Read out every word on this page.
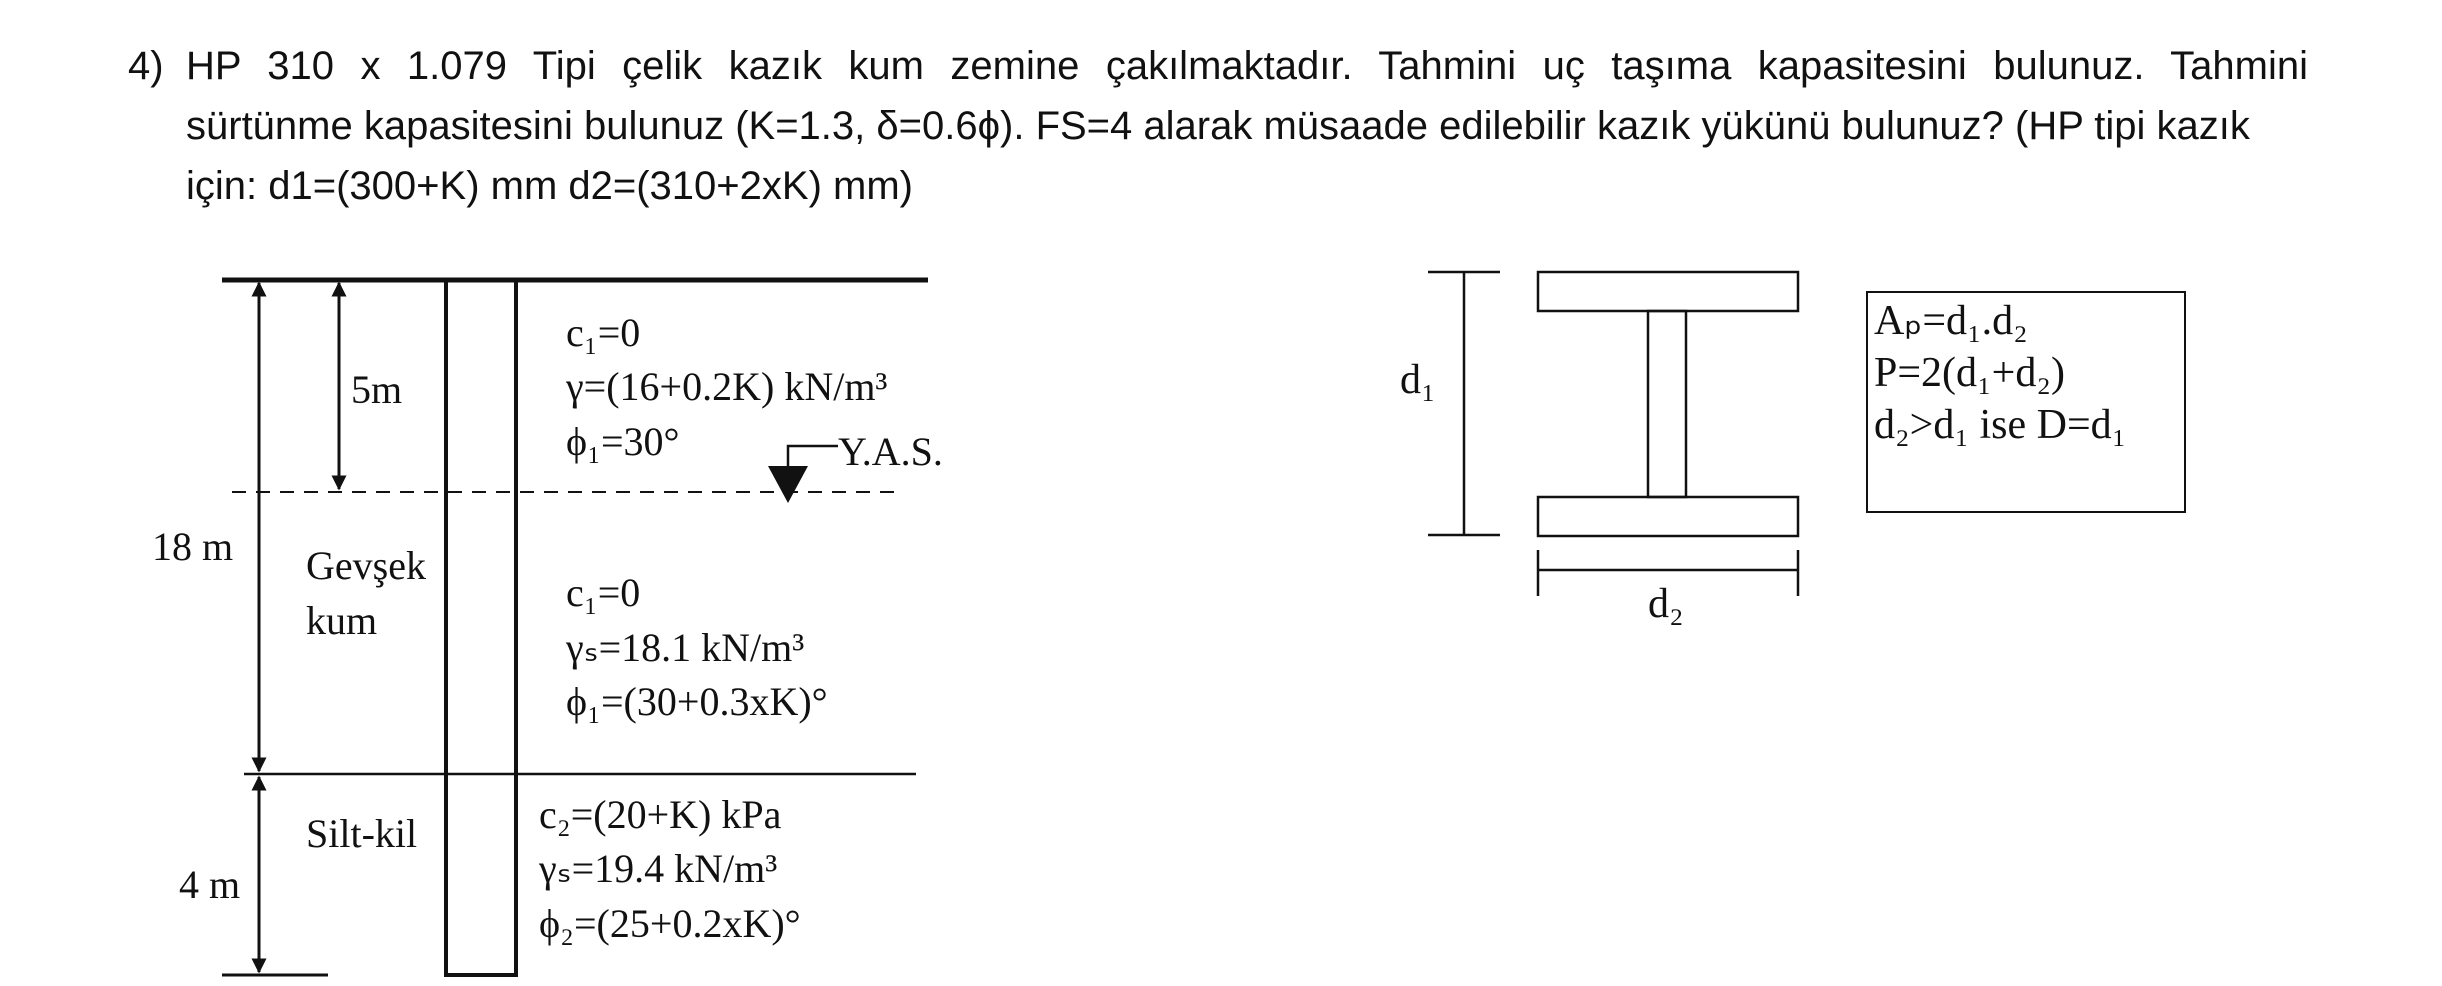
4) HP 310 x 1.079 Tipi çelik kazık kum zemine çakılmaktadır. Tahmini uç taşıma kapasitesini bulunuz. Tahmini
sürtünme kapasitesini bulunuz (K=1.3, δ=0.6ϕ). FS=4 alarak müsaade edilebilir kazık yükünü bulunuz? (HP tipi kazık
için: d1=(300+K) mm d2=(310+2xK) mm)
5m
18 m
4 m
Y.A.S.
Gevşek
kum
Silt-kil
c₁=0
γ=(16+0.2K) kN/m³
ϕ₁=30°
c₁=0
γₛ=18.1 kN/m³
ϕ₁=(30+0.3xK)°
c₂=(20+K) kPa
γₛ=19.4 kN/m³
ϕ₂=(25+0.2xK)°
d₁
d₂
Aₚ=d₁.d₂
P=2(d₁+d₂)
d₂>d₁ ise D=d₁
